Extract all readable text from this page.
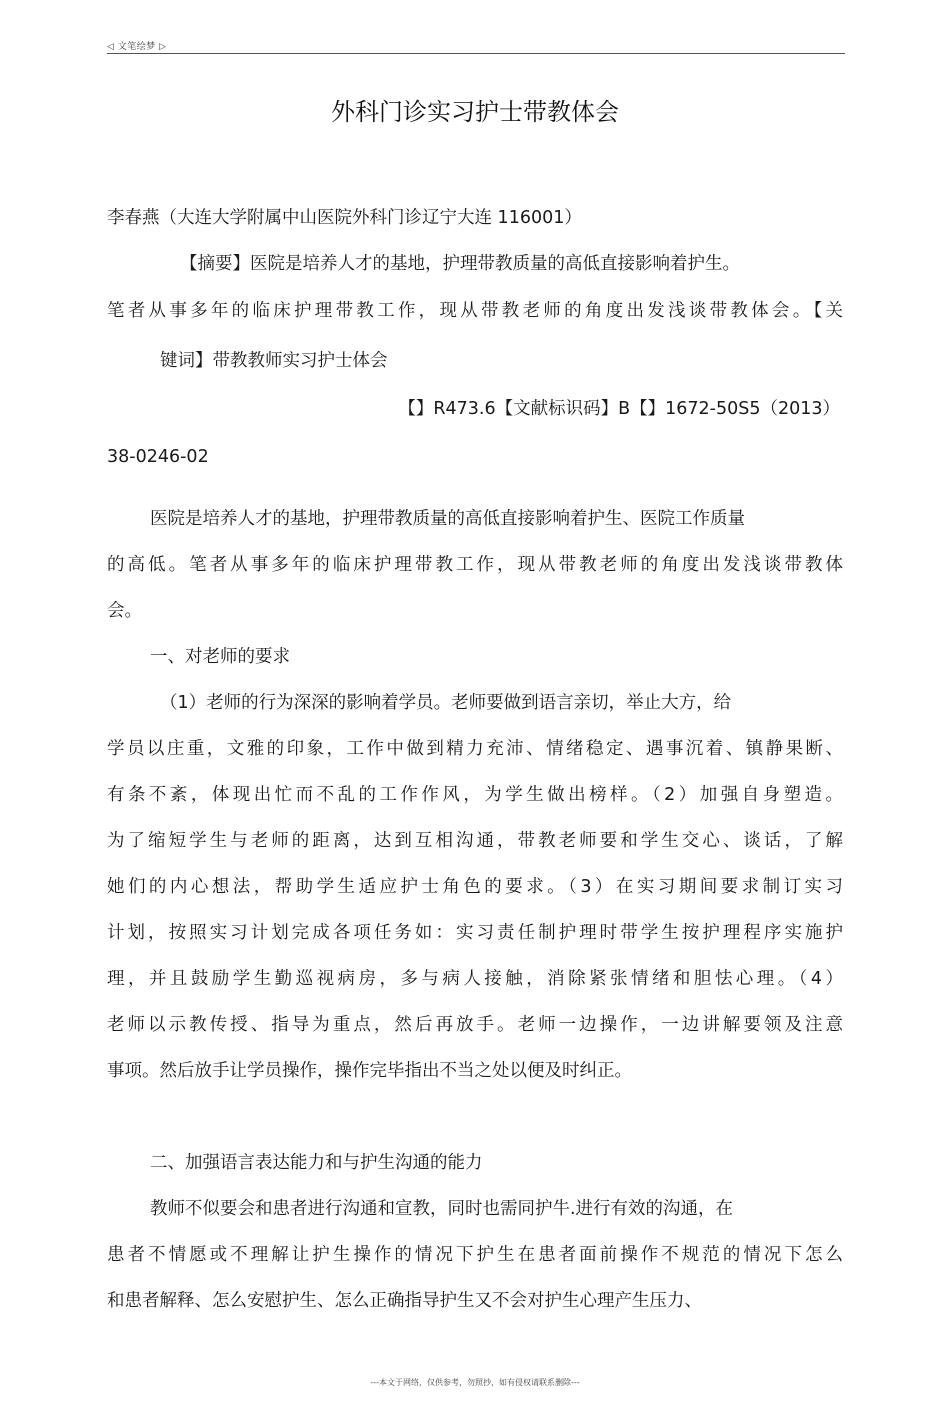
◁ 文笔绘梦 ▷
外科门诊实习护士带教体会
李春燕（大连大学附属中山医院外科门诊辽宁大连 116001）
【摘要】医院是培养人才的基地，护理带教质量的高低直接影响着护生。
笔者从事多年的临床护理带教工作，现从带教老师的角度出发浅谈带教体会。【关
键词】带教教师实习护士体会
【】R473.6【文献标识码】B【】1672-50S5（2013）
38-0246-02
医院是培养人才的基地，护理带教质量的高低直接影响着护生、医院工作质量
的高低。笔者从事多年的临床护理带教工作，现从带教老师的角度出发浅谈带教体
会。
一、对老师的要求
（1）老师的行为深深的影响着学员。老师要做到语言亲切，举止大方，给
学员以庄重，文雅的印象，工作中做到精力充沛、情绪稳定、遇事沉着、镇静果断、
有条不紊，体现出忙而不乱的工作作风，为学生做出榜样。（2）加强自身塑造。
为了缩短学生与老师的距离，达到互相沟通，带教老师要和学生交心、谈话，了解
她们的内心想法，帮助学生适应护士角色的要求。（3）在实习期间要求制订实习
计划，按照实习计划完成各项任务如：实习责任制护理时带学生按护理程序实施护
理，并且鼓励学生勤巡视病房，多与病人接触，消除紧张情绪和胆怯心理。（4）
老师以示教传授、指导为重点，然后再放手。老师一边操作，一边讲解要领及注意
事项。然后放手让学员操作，操作完毕指出不当之处以便及时纠正。
二、加强语言表达能力和与护生沟通的能力
教师不似要会和患者进行沟通和宣教，同时也需同护牛.进行有效的沟通，在
患者不情愿或不理解让护生操作的情况下护生在患者面前操作不规范的情况下怎么
和患者解释、怎么安慰护生、怎么正确指导护生又不会对护生心理产生压力、
---本文于网络，仅供参考，勿照抄，如有侵权请联系删除---
